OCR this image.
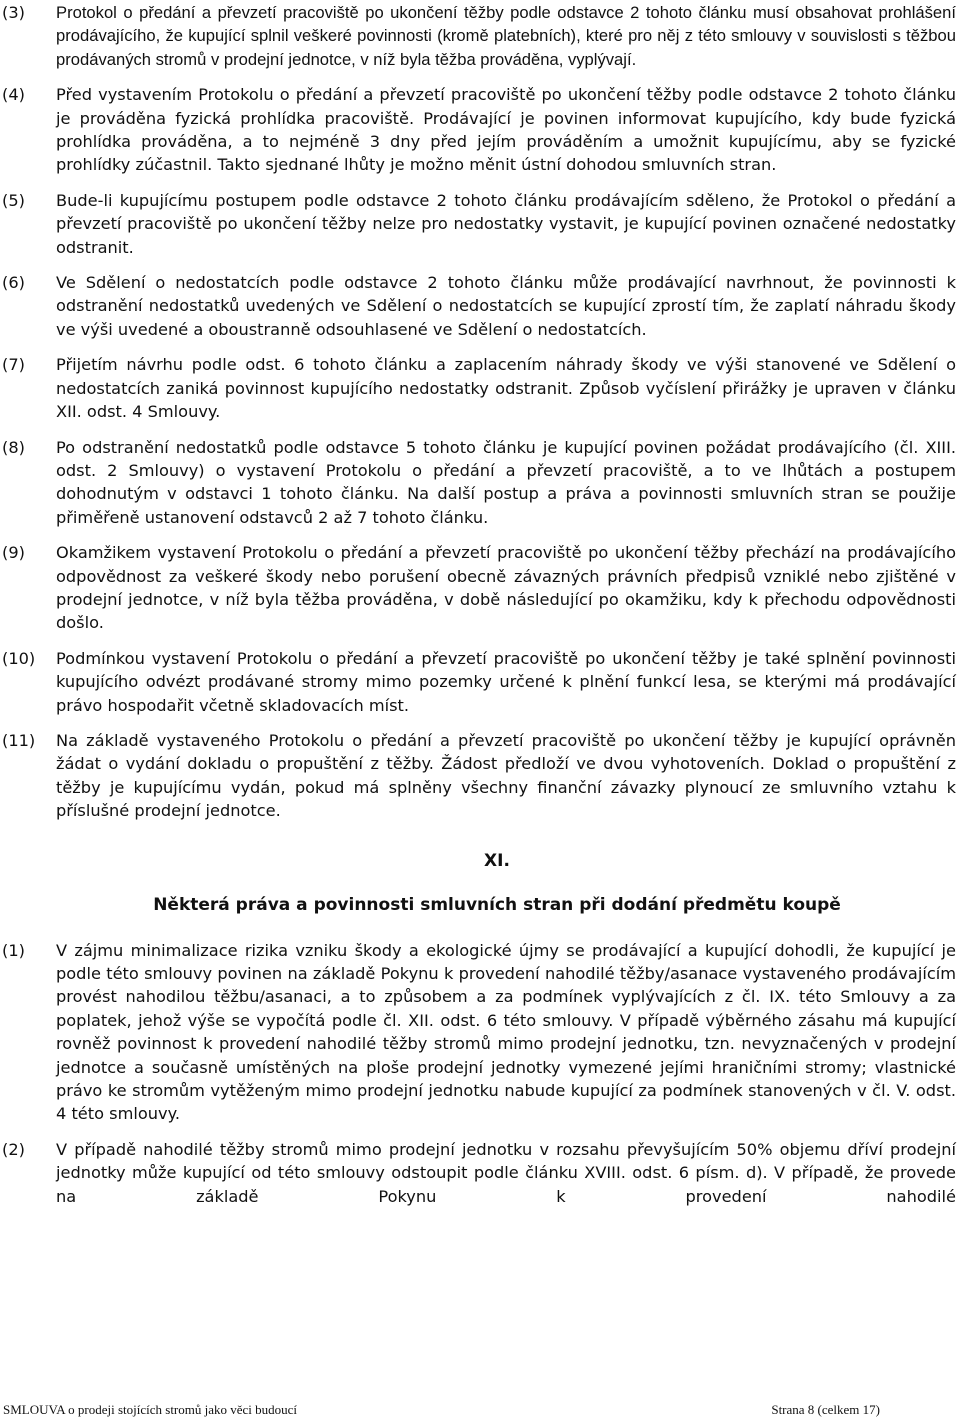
(3)	Protokol o předání a převzetí pracoviště po ukončení těžby podle odstavce 2 tohoto článku musí obsahovat prohlášení prodávajícího, že kupující splnil veškeré povinnosti (kromě platebních), které pro něj z této smlouvy v souvislosti s těžbou prodávaných stromů v prodejní jednotce, v níž byla těžba prováděna, vyplývají.
(4)	Před vystavením Protokolu o předání a převzetí pracoviště po ukončení těžby podle odstavce 2 tohoto článku je prováděna fyzická prohlídka pracoviště. Prodávající je povinen informovat kupujícího, kdy bude fyzická prohlídka prováděna, a to nejméně 3 dny před jejím prováděním a umožnit kupujícímu, aby se fyzické prohlídky zúčastnil. Takto sjednané lhůty je možno měnit ústní dohodou smluvních stran.
(5)	Bude-li kupujícímu postupem podle odstavce 2 tohoto článku prodávajícím sděleno, že Protokol o předání a převzetí pracoviště po ukončení těžby nelze pro nedostatky vystavit, je kupující povinen označené nedostatky odstranit.
(6)	Ve Sdělení o nedostatcích podle odstavce 2 tohoto článku může prodávající navrhnout, že povinnosti k odstranění nedostatků uvedených ve Sdělení o nedostatcích se kupující zprostí tím, že zaplatí náhradu škody ve výši uvedené a oboustranně odsouhlasené ve Sdělení o nedostatcích.
(7)	Přijetím návrhu podle odst. 6 tohoto článku a zaplacením náhrady škody ve výši stanovené ve Sdělení o nedostatcích zaniká povinnost kupujícího nedostatky odstranit. Způsob vyčíslení přirážky je upraven v článku XII. odst. 4 Smlouvy.
(8)	Po odstranění nedostatků podle odstavce 5 tohoto článku je kupující povinen požádat prodávajícího (čl. XIII. odst. 2 Smlouvy) o vystavení Protokolu o předání a převzetí pracoviště, a to ve lhůtách a postupem dohodnutým v odstavci 1 tohoto článku. Na další postup a práva a povinnosti smluvních stran se použije přiměřeně ustanovení odstavců 2 až 7 tohoto článku.
(9)	Okamžikem vystavení Protokolu o předání a převzetí pracoviště po ukončení těžby přechází na prodávajícího odpovědnost za veškeré škody nebo porušení obecně závazných právních předpisů vzniklé nebo zjištěné v prodejní jednotce, v níž byla těžba prováděna, v době následující po okamžiku, kdy k přechodu odpovědnosti došlo.
(10)	Podmínkou vystavení Protokolu o předání a převzetí pracoviště po ukončení těžby je také splnění povinnosti kupujícího odvézt prodávané stromy mimo pozemky určené k plnění funkcí lesa, se kterými má prodávající právo hospodařit včetně skladovacích míst.
(11)	Na základě vystaveného Protokolu o předání a převzetí pracoviště po ukončení těžby je kupující oprávněn žádat o vydání dokladu o propuštění z těžby. Žádost předloží ve dvou vyhotoveních. Doklad o propuštění z těžby je kupujícímu vydán, pokud má splněny všechny finanční závazky plynoucí ze smluvního vztahu k příslušné prodejní jednotce.
XI.
Některá práva a povinnosti smluvních stran při dodání předmětu koupě
(1)	V zájmu minimalizace rizika vzniku škody a ekologické újmy se prodávající a kupující dohodli, že kupující je podle této smlouvy povinen na základě Pokynu k provedení nahodilé těžby/asanace vystaveného prodávajícím provést nahodilou těžbu/asanaci, a to způsobem a za podmínek vyplývajících z čl. IX. této Smlouvy a za poplatek, jehož výše se vypočítá podle čl. XII. odst. 6 této smlouvy. V případě výběrného zásahu má kupující rovněž povinnost k provedení nahodilé těžby stromů mimo prodejní jednotku, tzn. nevyznačených v prodejní jednotce a současně umístěných na ploše prodejní jednotky vymezené jejími hraničními stromy; vlastnické právo ke stromům vytěženým mimo prodejní jednotku nabude kupující za podmínek stanovených v čl. V. odst. 4 této smlouvy.
(2)	V případě nahodilé těžby stromů mimo prodejní jednotku v rozsahu převyšujícím 50% objemu dříví prodejní jednotky může kupující od této smlouvy odstoupit podle článku XVIII. odst. 6 písm. d). V případě, že provede na základě Pokynu k provedení nahodilé
SMLOUVA o prodeji stojících stromů jako věci budoucí	Strana 8 (celkem 17)
